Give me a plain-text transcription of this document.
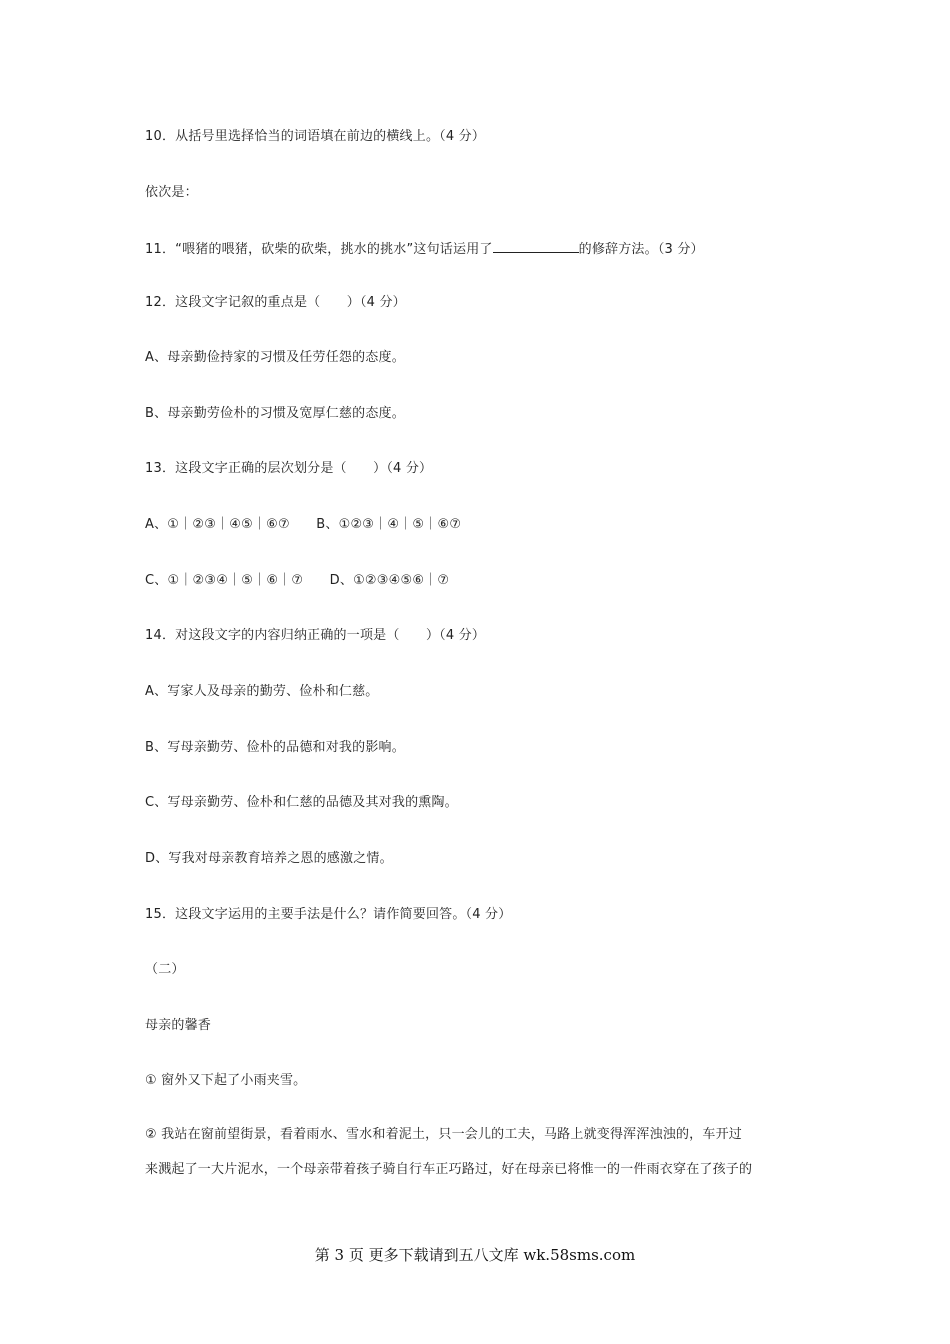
10．从括号里选择恰当的词语填在前边的横线上。（4 分）
依次是：
11．“喂猪的喂猪，砍柴的砍柴，挑水的挑水”这句话运用了	的修辞方法。（3 分）
12．这段文字记叙的重点是（　　）（4 分）
A、母亲勤俭持家的习惯及任劳任怨的态度。
B、母亲勤劳俭朴的习惯及宽厚仁慈的态度。
13．这段文字正确的层次划分是（　　）（4 分）
A、①｜②③｜④⑤｜⑥⑦　　B、①②③｜④｜⑤｜⑥⑦
C、①｜②③④｜⑤｜⑥｜⑦　　D、①②③④⑤⑥｜⑦
14．对这段文字的内容归纳正确的一项是（　　）（4 分）
A、写家人及母亲的勤劳、俭朴和仁慈。
B、写母亲勤劳、俭朴的品德和对我的影响。
C、写母亲勤劳、俭朴和仁慈的品德及其对我的熏陶。
D、写我对母亲教育培养之恩的感激之情。
15．这段文字运用的主要手法是什么？请作简要回答。（4 分）
（二）
母亲的馨香
① 窗外又下起了小雨夹雪。
② 我站在窗前望街景，看着雨水、雪水和着泥土，只一会儿的工夫，马路上就变得浑浑浊浊的，车开过
来溅起了一大片泥水，一个母亲带着孩子骑自行车正巧路过，好在母亲已将惟一的一件雨衣穿在了孩子的
第 3 页 更多下载请到五八文库 wk.58sms.com
